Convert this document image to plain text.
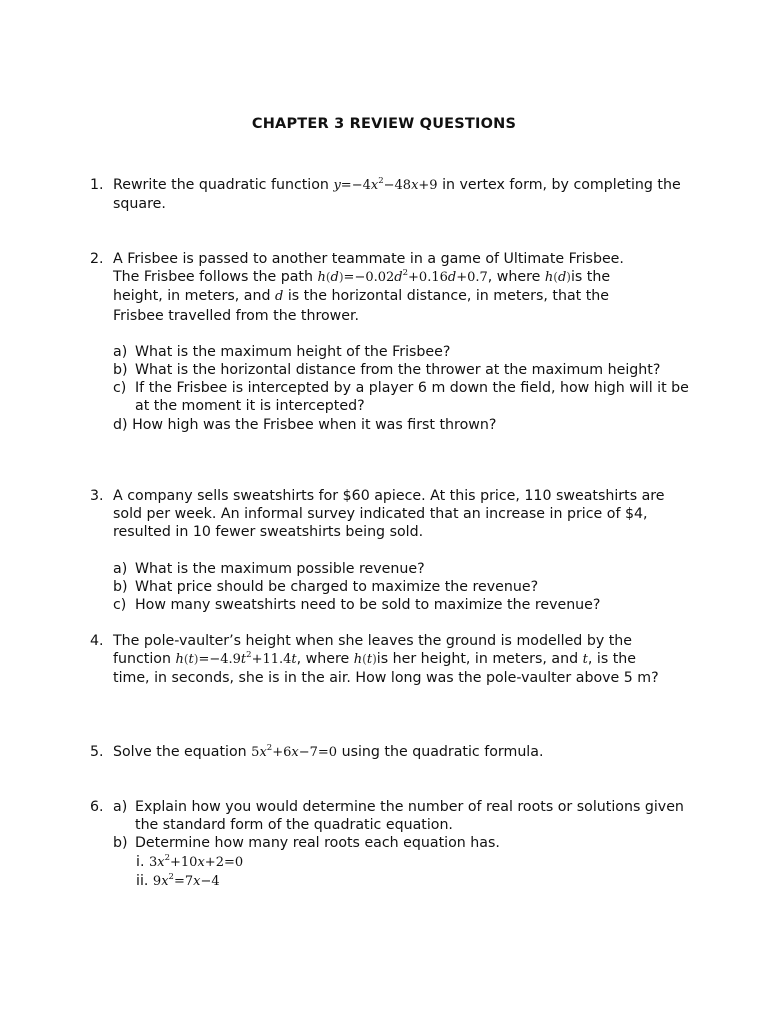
CHAPTER 3 REVIEW QUESTIONS
1. Rewrite the quadratic function $y=-4x^2-48x+9$ in vertex form, by completing the square.
2. A Frisbee is passed to another teammate in a game of Ultimate Frisbee.
The Frisbee follows the path $h(d)=-0.02d^2+0.16d+0.7$, where h(d)is the
height, in meters, and d is the horizontal distance, in meters, that the
Frisbee travelled from the thrower.
a) What is the maximum height of the Frisbee?
b) What is the horizontal distance from the thrower at the maximum height?
c) If the Frisbee is intercepted by a player 6 m down the field, how high will it be at the moment it is intercepted?
d) How high was the Frisbee when it was first thrown?
3. A company sells sweatshirts for $60 apiece. At this price, 110 sweatshirts are sold per week. An informal survey indicated that an increase in price of $4, resulted in 10 fewer sweatshirts being sold.
a) What is the maximum possible revenue?
b) What price should be charged to maximize the revenue?
c) How many sweatshirts need to be sold to maximize the revenue?
4. The pole-vaulter’s height when she leaves the ground is modelled by the
function $h(t)=-4.9t^2+11.4t$, where h(t)is her height, in meters, and t, is the
time, in seconds, she is in the air. How long was the pole-vaulter above 5 m?
5. Solve the equation $5x^2+6x-7=0$ using the quadratic formula.
6. a) Explain how you would determine the number of real roots or solutions given the standard form of the quadratic equation.
b) Determine how many real roots each equation has.
i. $3x^2+10x+2=0$
ii. $9x^2=7x-4$
